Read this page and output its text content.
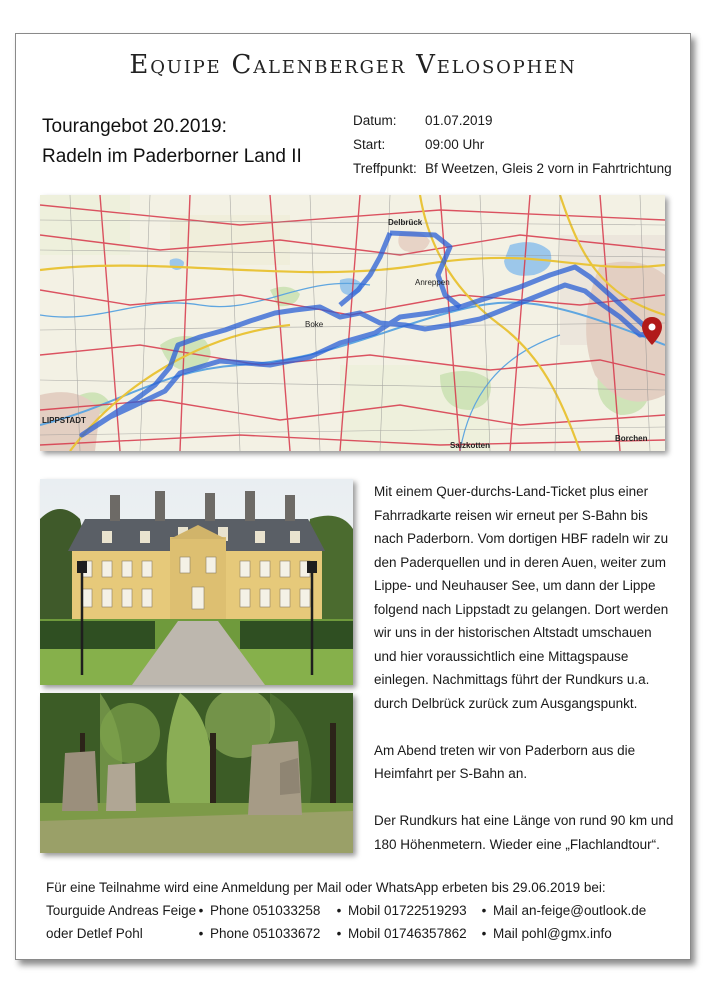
Equipe Calenberger Velosophen
Tourangebot 20.2019:
Radeln im Paderborner Land II
Datum:	01.07.2019
Start:	09:00 Uhr
Treffpunkt: Bf Weetzen, Gleis 2 vorn in Fahrtrichtung
Delbrück
LIPPSTADT
Salzkotten
Borchen
Boke
Anreppen

Mit einem Quer-durchs-Land-Ticket plus einer Fahrradkarte reisen wir erneut per S-Bahn bis nach Paderborn. Vom dortigen HBF radeln wir zu den Paderquellen und in deren Auen, weiter zum Lippe- und Neuhauser See, um dann der Lippe folgend nach Lippstadt zu gelangen. Dort werden wir uns in der historischen Altstadt umschauen und hier voraussichtlich eine Mittagspause einlegen. Nachmittags führt der Rundkurs u.a. durch Delbrück zurück zum Ausgangspunkt.

Am Abend treten wir von Paderborn aus die Heimfahrt per S-Bahn an.

Der Rundkurs hat eine Länge von rund 90 km und 180 Höhenmetern. Wieder eine „Flachlandtour“.

Für eine Teilnahme wird eine Anmeldung per Mail oder WhatsApp erbeten bis 29.06.2019 bei:
Tourguide Andreas Feige • Phone 051033258	• Mobil 01722519293	• Mail an-feige@outlook.de
oder Detlef Pohl	• Phone 051033672	• Mobil 01746357862	• Mail pohl@gmx.info
